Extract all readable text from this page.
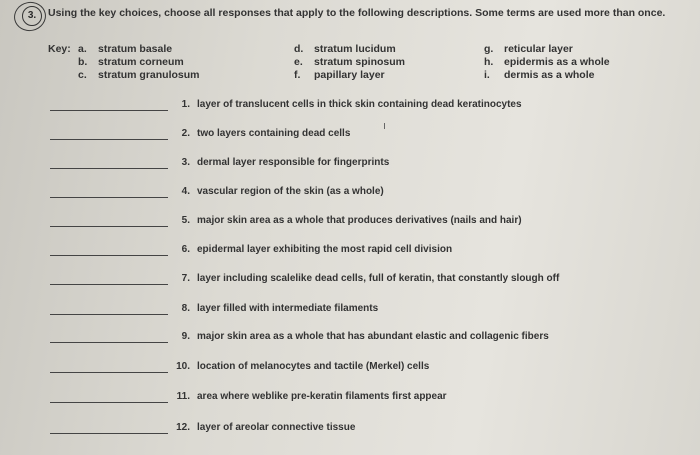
3.	Using the key choices, choose all responses that apply to the following descriptions. Some terms are used more than once.
Key: a.	stratum basale
b.	stratum corneum
c.	stratum granulosum
d.	stratum lucidum
e.	stratum spinosum
f.	papillary layer
g.	reticular layer
h.	epidermis as a whole
i.	dermis as a whole
1. layer of translucent cells in thick skin containing dead keratinocytes
2. two layers containing dead cells
3. dermal layer responsible for fingerprints
4. vascular region of the skin (as a whole)
5. major skin area as a whole that produces derivatives (nails and hair)
6. epidermal layer exhibiting the most rapid cell division
7. layer including scalelike dead cells, full of keratin, that constantly slough off
8. layer filled with intermediate filaments
9. major skin area as a whole that has abundant elastic and collagenic fibers
10. location of melanocytes and tactile (Merkel) cells
11. area where weblike pre-keratin filaments first appear
12. layer of areolar connective tissue
